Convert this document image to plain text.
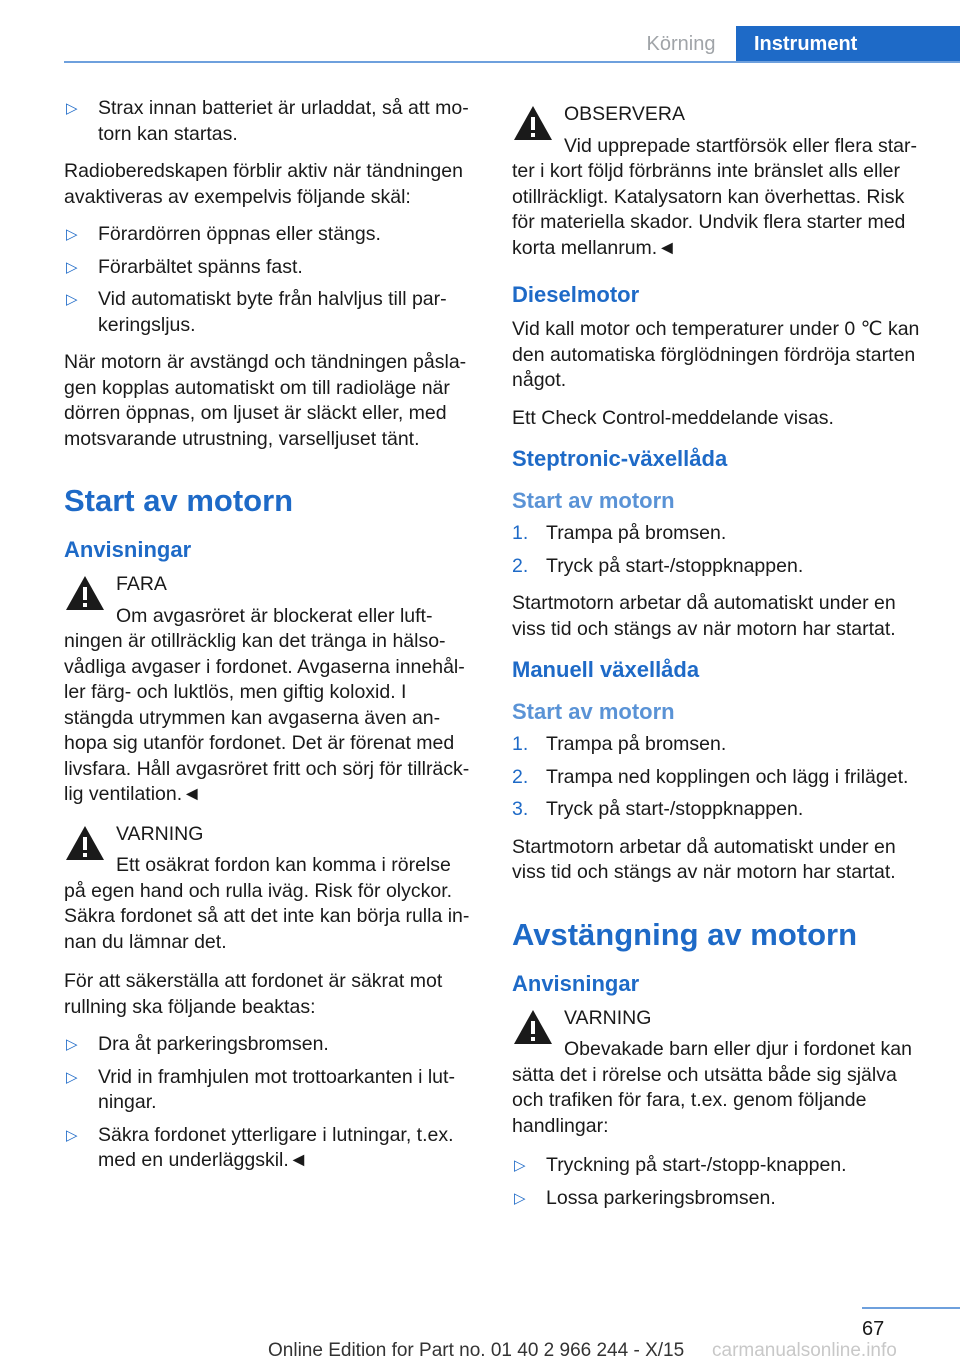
Körning	Instrument
▷ Strax innan batteriet är urladdat, så att mo-torn kan startas.

Radioberedskapen förblir aktiv när tändningen avaktiveras av exempelvis följande skäl:

▷ Förardörren öppnas eller stängs.
▷ Förarbältet spänns fast.
▷ Vid automatiskt byte från halvljus till par-keringsljus.

När motorn är avstängd och tändningen påsla-gen kopplas automatiskt om till radioläge när dörren öppnas, om ljuset är släckt eller, med motsvarande utrustning, varselljuset tänt.

Start av motorn
Anvisningar
FARA

Om avgasröret är blockerat eller luft-
ningen är otillräcklig kan det tränga in hälso-vådliga avgaser i fordonet. Avgaserna innehål-ler färg- och luktlös, men giftig koloxid. I stängda utrymmen kan avgaserna även an-hopa sig utanför fordonet. Det är förenat med livsfara. Håll avgasröret fritt och sörj för tillräck-lig ventilation.◄

VARNING

Ett osäkrat fordon kan komma i rörelse
på egen hand och rulla iväg. Risk för olyckor. Säkra fordonet så att det inte kan börja rulla in-nan du lämnar det.

För att säkerställa att fordonet är säkrat mot rullning ska följande beaktas:

▷ Dra åt parkeringsbromsen.
▷ Vrid in framhjulen mot trottoarkanten i lut-ningar.
▷ Säkra fordonet ytterligare i lutningar, t.ex. med en underläggskil.◄
OBSERVERA

Vid upprepade startförsök eller flera star-
ter i kort följd förbränns inte bränslet alls eller otillräckligt. Katalysatorn kan överhettas. Risk för materiella skador. Undvik flera starter med korta mellanrum.◄

Dieselmotor

Vid kall motor och temperaturer under 0 ℃ kan den automatiska förglödningen fördröja starten något.

Ett Check Control-meddelande visas.

Steptronic-växellåda
Start av motorn
1. Trampa på bromsen.
2. Tryck på start-/stoppknappen.

Startmotorn arbetar då automatiskt under en viss tid och stängs av när motorn har startat.

Manuell växellåda
Start av motorn
1. Trampa på bromsen.
2. Trampa ned kopplingen och lägg i friläget.
3. Tryck på start-/stoppknappen.

Startmotorn arbetar då automatiskt under en viss tid och stängs av när motorn har startat.

Avstängning av motorn
Anvisningar
VARNING

Obevakade barn eller djur i fordonet kan
sätta det i rörelse och utsätta både sig själva och trafiken för fara, t.ex. genom följande handlingar:

▷ Tryckning på start-/stopp-knappen.
▷ Lossa parkeringsbromsen.
67
Online Edition for Part no. 01 40 2 966 244 - X/15 carmanualsonline.info
